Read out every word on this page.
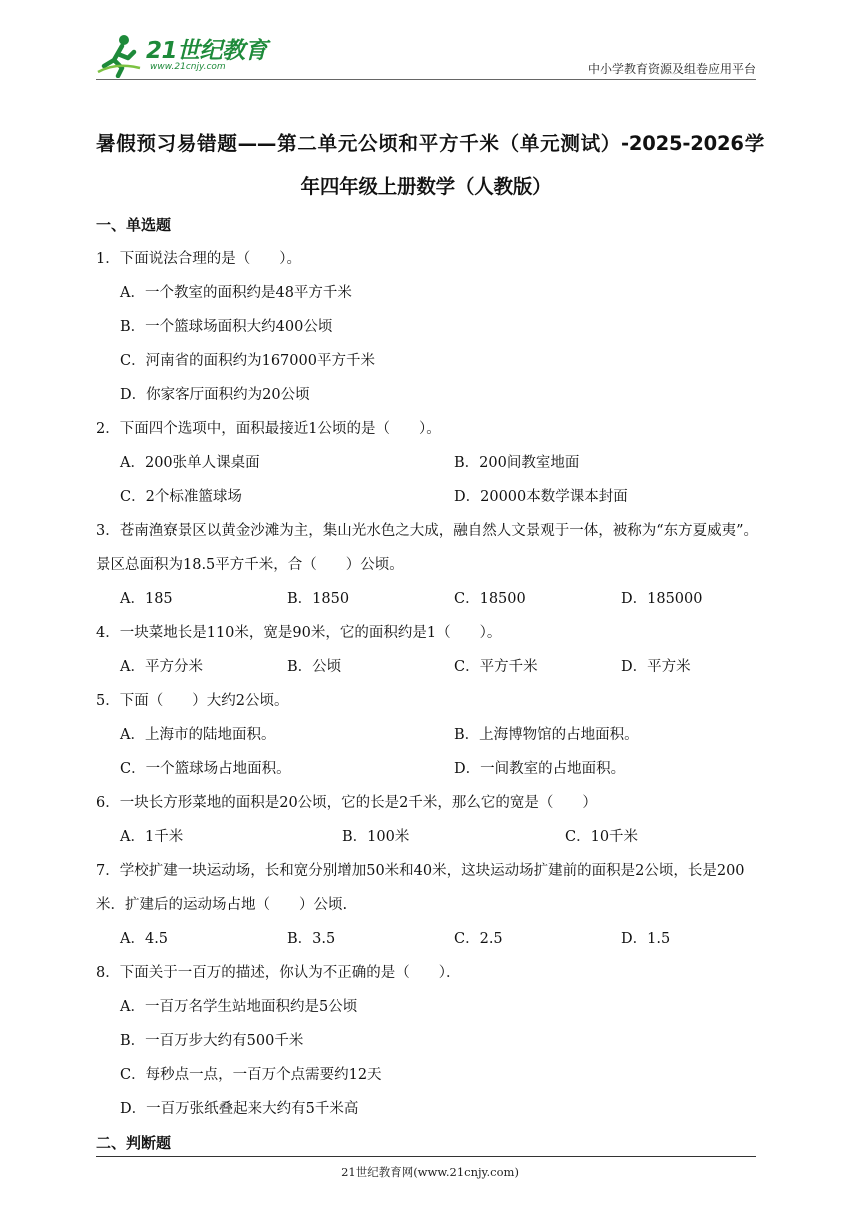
21世纪教育
www.21cnjy.com	中小学教育资源及组卷应用平台
暑假预习易错题——第二单元公顷和平方千米（单元测试）-2025-2026学
年四年级上册数学（人教版）
一、单选题
1．下面说法合理的是（　　）。
A．一个教室的面积约是48平方千米
B．一个篮球场面积大约400公顷
C．河南省的面积约为167000平方千米
D．你家客厅面积约为20公顷
2．下面四个选项中，面积最接近1公顷的是（　　）。
A．200张单人课桌面	B．200间教室地面
C．2个标准篮球场	D．20000本数学课本封面
3．苍南渔寮景区以黄金沙滩为主，集山光水色之大成，融自然人文景观于一体，被称为“东方夏威夷”。景区总面积为18.5平方千米，合（　　）公顷。
A．185	B．1850	C．18500	D．185000
4．一块菜地长是110米，宽是90米，它的面积约是1（　　）。
A．平方分米	B．公顷	C．平方千米	D．平方米
5．下面（　　）大约2公顷。
A．上海市的陆地面积。	B．上海博物馆的占地面积。
C．一个篮球场占地面积。	D．一间教室的占地面积。
6．一块长方形菜地的面积是20公顷，它的长是2千米，那么它的宽是（　　）
A．1千米	B．100米	C．10千米
7．学校扩建一块运动场，长和宽分别增加50米和40米，这块运动场扩建前的面积是2公顷，长是200米．扩建后的运动场占地（　　）公顷.
A．4.5	B．3.5	C．2.5	D．1.5
8．下面关于一百万的描述，你认为不正确的是（　　）．
A．一百万名学生站地面积约是5公顷
B．一百万步大约有500千米
C．每秒点一点，一百万个点需要约12天
D．一百万张纸叠起来大约有5千米高
二、判断题
21世纪教育网(www.21cnjy.com)
